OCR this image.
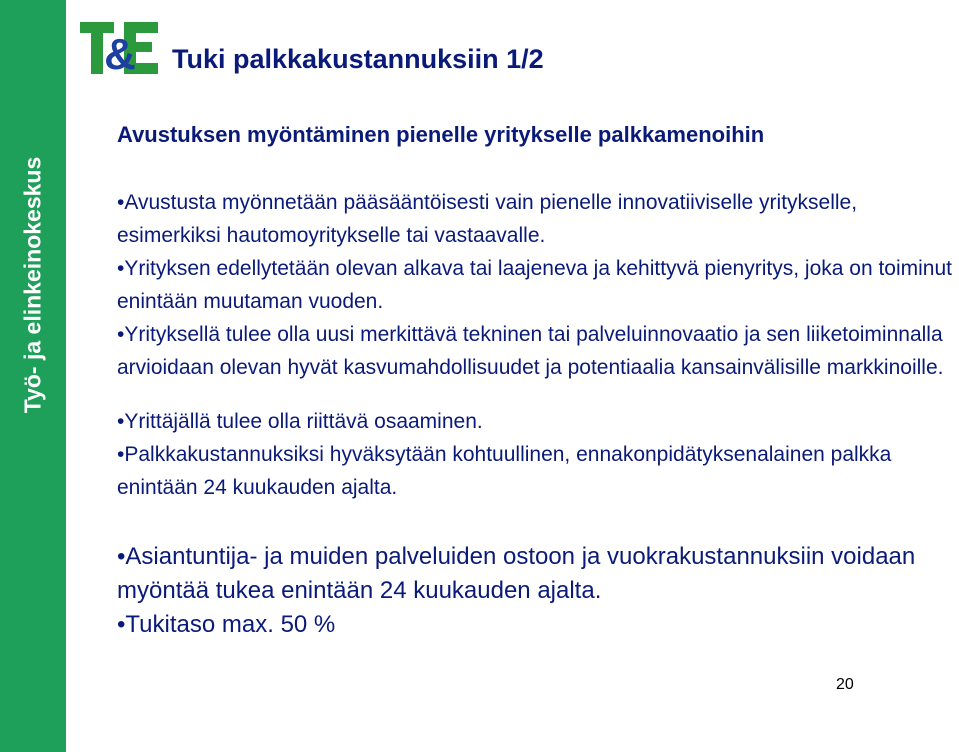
Työ- ja elinkeinokeskus
& Tuki palkkakustannuksiin 1/2
Avustuksen myöntäminen pienelle yritykselle palkkamenoihin
•Avustusta myönnetään pääsääntöisesti vain pienelle innovatiiviselle yritykselle, esimerkiksi hautomoyritykselle tai vastaavalle.
•Yrityksen edellytetään olevan alkava tai laajeneva ja kehittyvä pienyritys, joka on toiminut enintään muutaman vuoden.
•Yrityksellä tulee olla uusi merkittävä tekninen tai palveluinnovaatio ja sen liiketoiminnalla arvioidaan olevan hyvät kasvumahdollisuudet ja potentiaalia kansainvälisille markkinoille.
•Yrittäjällä tulee olla riittävä osaaminen.
•Palkkakustannuksiksi hyväksytään kohtuullinen, ennakonpidätyksenalainen palkka enintään 24 kuukauden ajalta.
•Asiantuntija- ja muiden palveluiden ostoon ja vuokrakustannuksiin voidaan myöntää tukea enintään 24 kuukauden ajalta.
•Tukitaso max. 50 %
20
